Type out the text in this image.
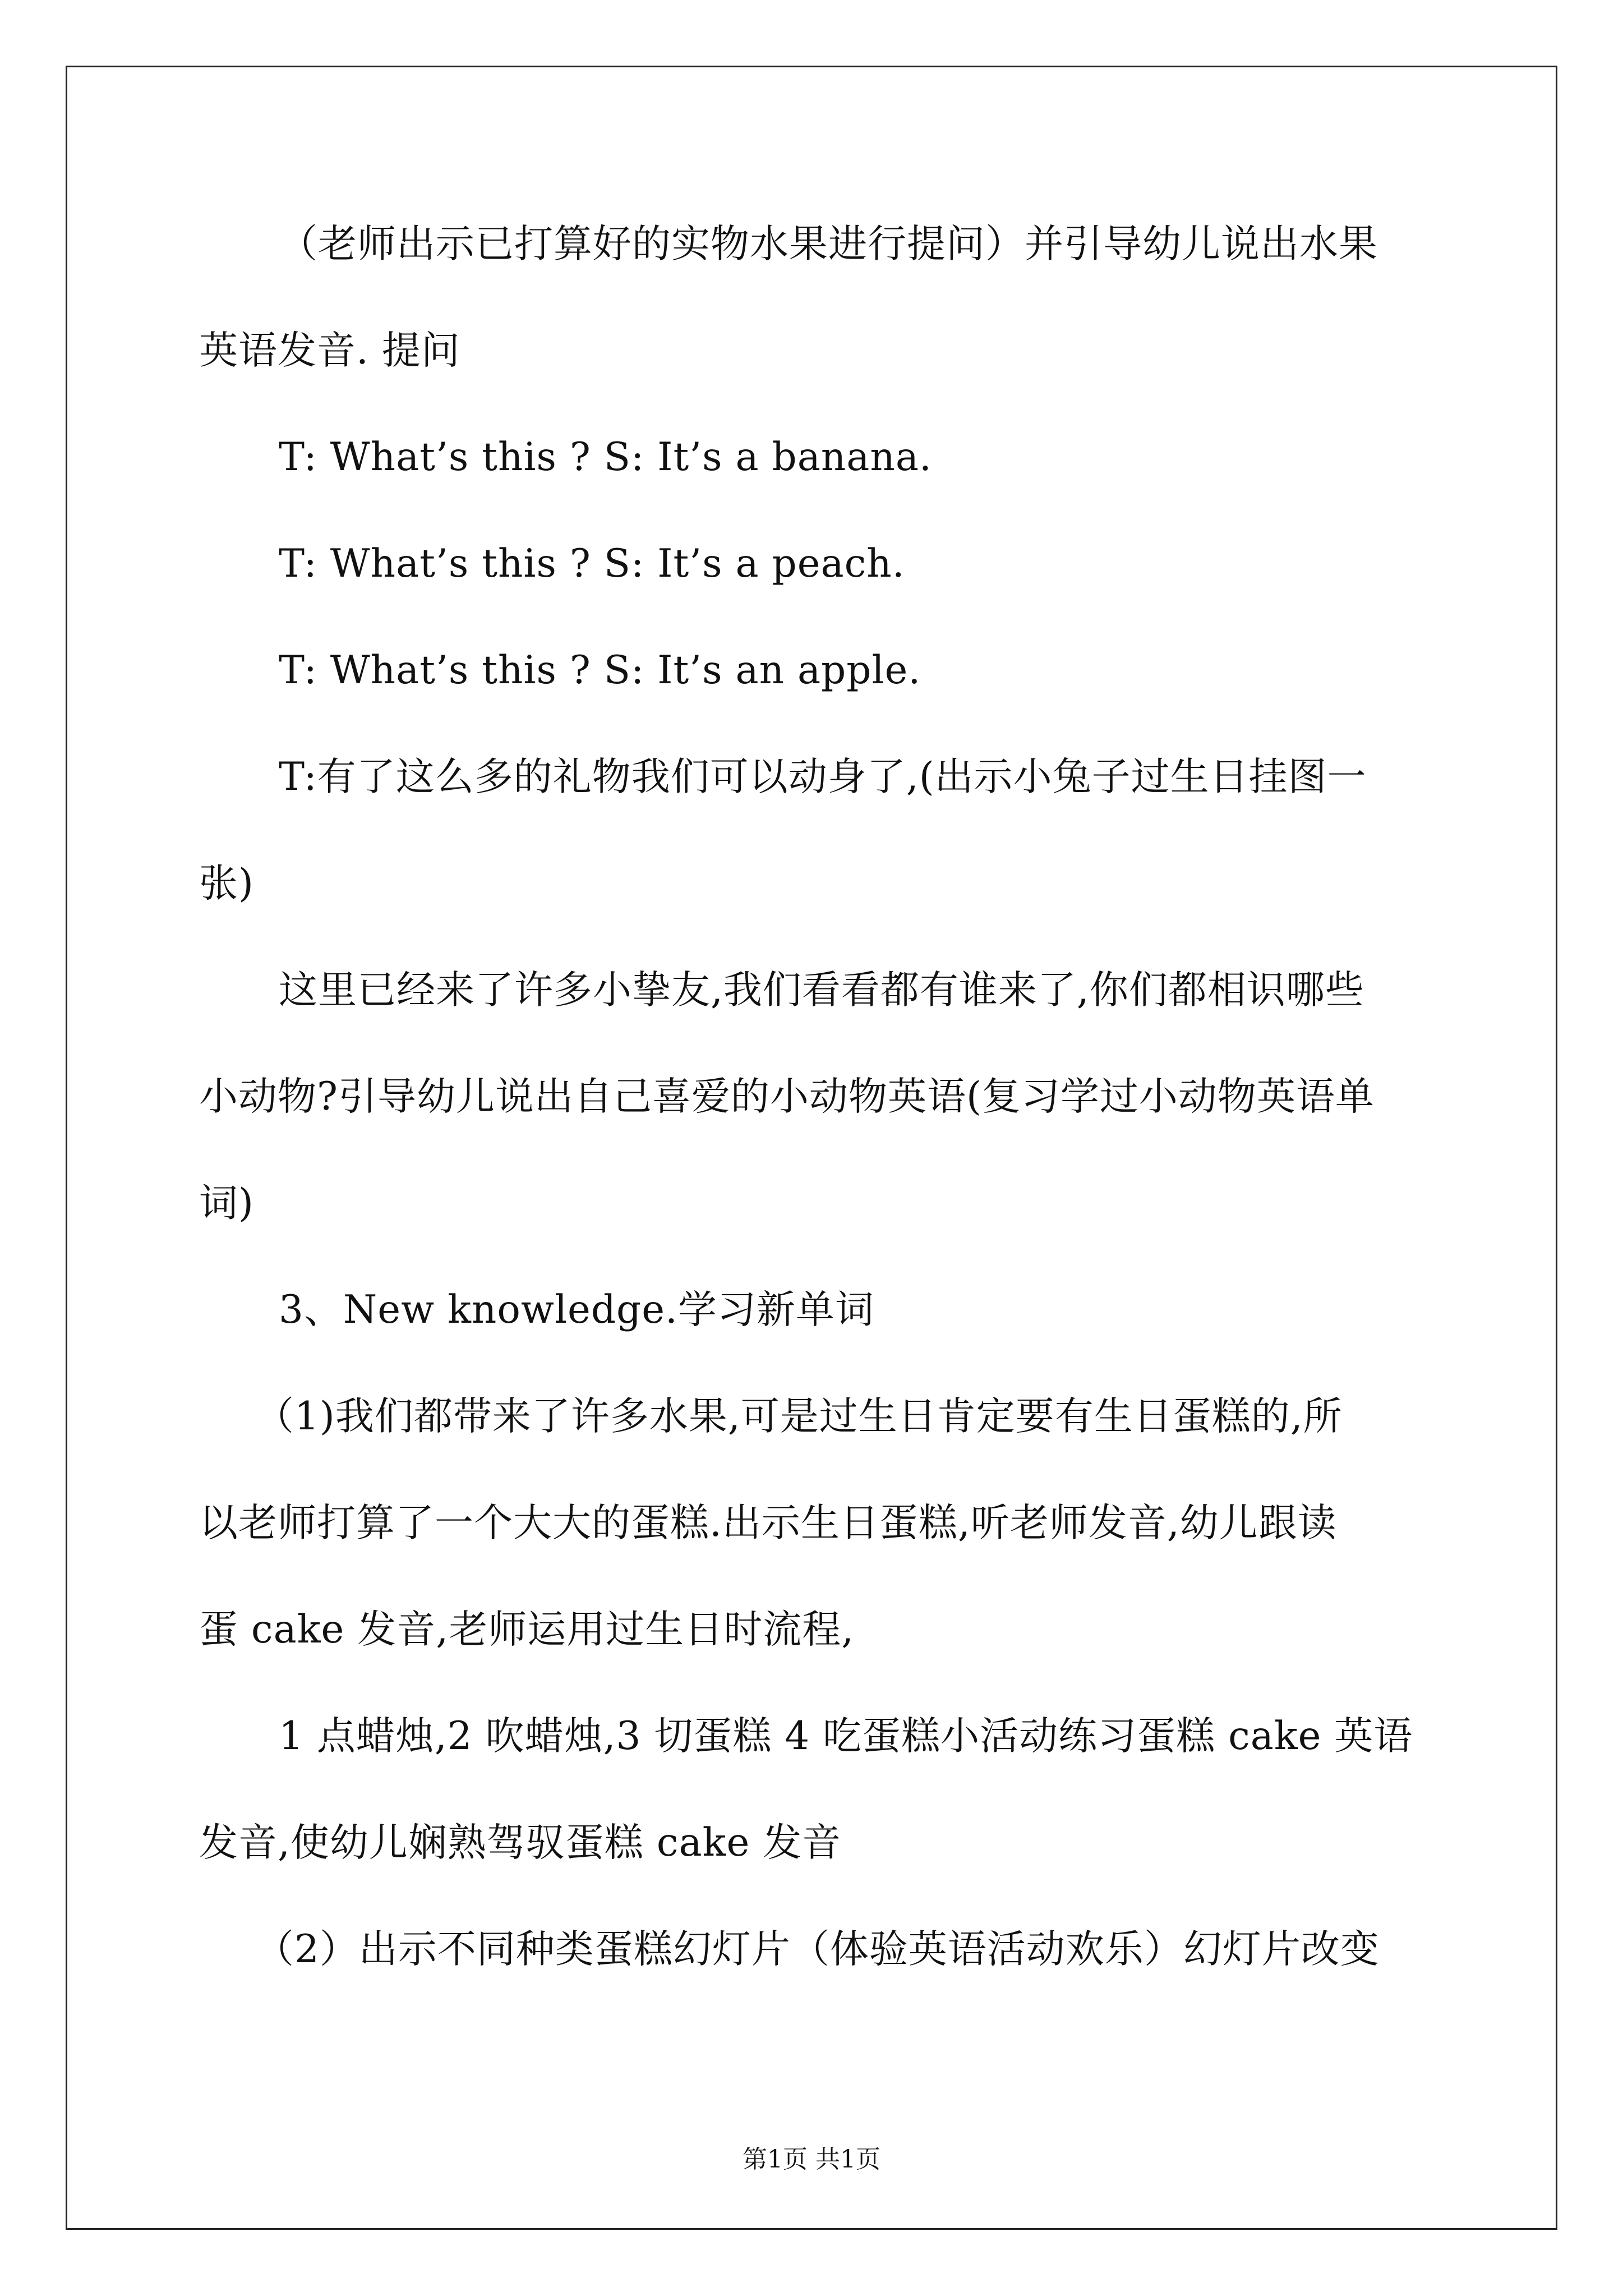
（老师出示已打算好的实物水果进行提问）并引导幼儿说出水果
英语发音. 提问
T: What’s this ? S: It’s a banana.
T: What’s this ? S: It’s a peach.
T: What’s this ? S: It’s an apple.
T:有了这么多的礼物我们可以动身了,(出示小兔子过生日挂图一
张)
这里已经来了许多小挚友,我们看看都有谁来了,你们都相识哪些
小动物?引导幼儿说出自己喜爱的小动物英语(复习学过小动物英语单
词)
3、New knowledge.学习新单词
（1)我们都带来了许多水果,可是过生日肯定要有生日蛋糕的,所
以老师打算了一个大大的蛋糕.出示生日蛋糕,听老师发音,幼儿跟读
蛋 cake 发音,老师运用过生日时流程,
1 点蜡烛,2 吹蜡烛,3 切蛋糕 4 吃蛋糕小活动练习蛋糕 cake 英语
发音,使幼儿娴熟驾驭蛋糕 cake 发音
（2）出示不同种类蛋糕幻灯片（体验英语活动欢乐）幻灯片改变
第1页 共1页
